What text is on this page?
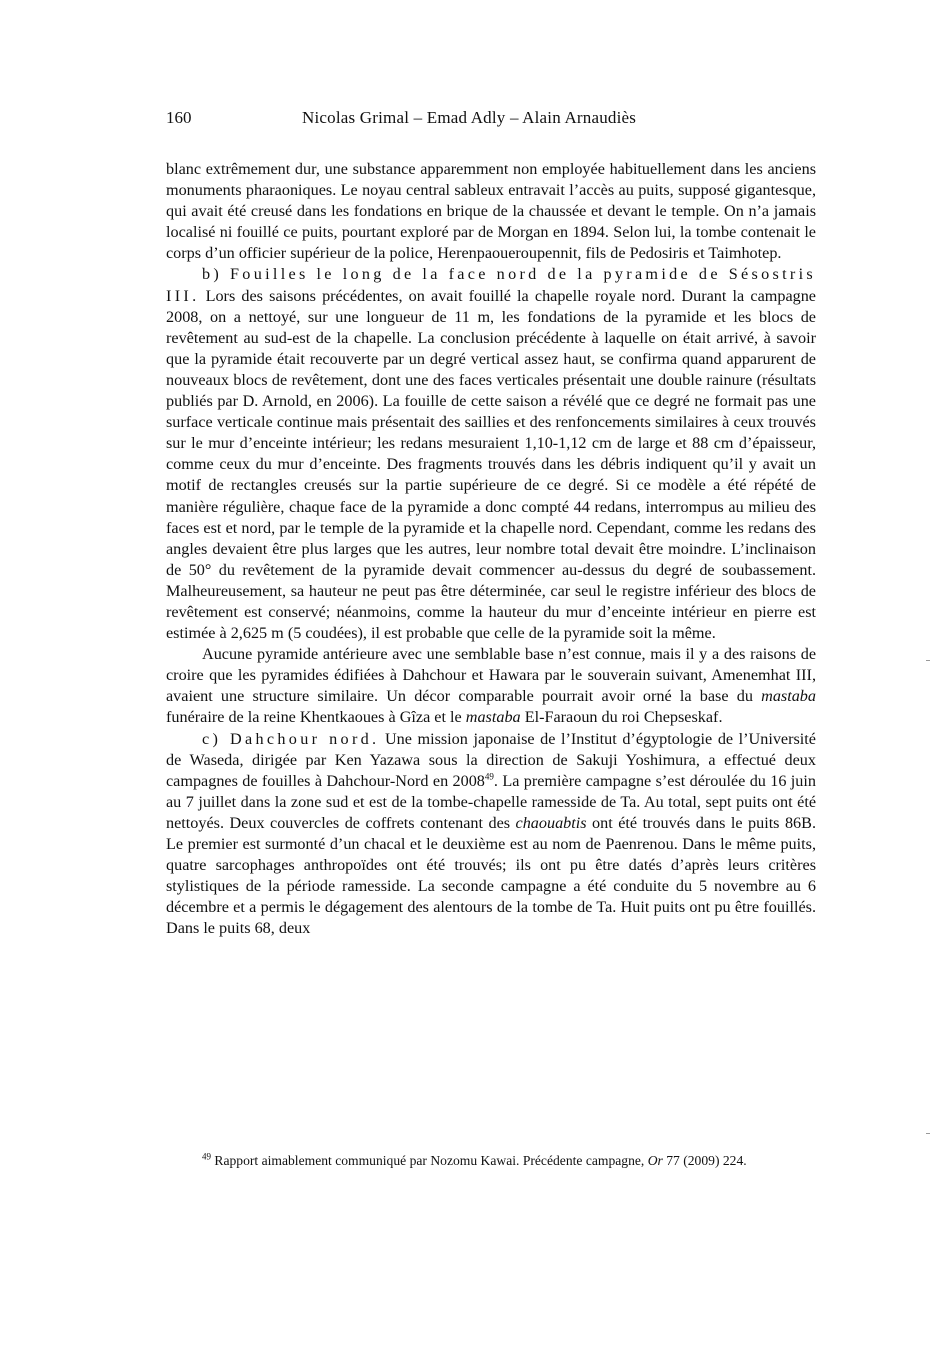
160	Nicolas Grimal – Emad Adly – Alain Arnaudiès

blanc extrêmement dur, une substance apparemment non employée habituellement dans les anciens monuments pharaoniques. Le noyau central sableux entravait l’accès au puits, supposé gigantesque, qui avait été creusé dans les fondations en brique de la chaussée et devant le temple. On n’a jamais localisé ni fouillé ce puits, pourtant exploré par de Morgan en 1894. Selon lui, la tombe contenait le corps d’un officier supérieur de la police, Herenpaoueroupennit, fils de Pedosiris et Taimhotep.

b) Fouilles le long de la face nord de la pyramide de Sésostris III. Lors des saisons précédentes, on avait fouillé la chapelle royale nord. Durant la campagne 2008, on a nettoyé, sur une longueur de 11 m, les fondations de la pyramide et les blocs de revêtement au sud-est de la chapelle. La conclusion précédente à laquelle on était arrivé, à savoir que la pyramide était recouverte par un degré vertical assez haut, se confirma quand apparurent de nouveaux blocs de revêtement, dont une des faces verticales présentait une double rainure (résultats publiés par D. Arnold, en 2006). La fouille de cette saison a révélé que ce degré ne formait pas une surface verticale continue mais présentait des saillies et des renfoncements similaires à ceux trouvés sur le mur d’enceinte intérieur; les redans mesuraient 1,10-1,12 cm de large et 88 cm d’épaisseur, comme ceux du mur d’enceinte. Des fragments trouvés dans les débris indiquent qu’il y avait un motif de rectangles creusés sur la partie supérieure de ce degré. Si ce modèle a été répété de manière régulière, chaque face de la pyramide a donc compté 44 redans, interrompus au milieu des faces est et nord, par le temple de la pyramide et la chapelle nord. Cependant, comme les redans des angles devaient être plus larges que les autres, leur nombre total devait être moindre. L’inclinaison de 50° du revêtement de la pyramide devait commencer au-dessus du degré de soubassement. Malheureusement, sa hauteur ne peut pas être déterminée, car seul le registre inférieur des blocs de revêtement est conservé; néanmoins, comme la hauteur du mur d’enceinte intérieur en pierre est estimée à 2,625 m (5 coudées), il est probable que celle de la pyramide soit la même.

Aucune pyramide antérieure avec une semblable base n’est connue, mais il y a des raisons de croire que les pyramides édifiées à Dahchour et Hawara par le souverain suivant, Amenemhat III, avaient une structure similaire. Un décor comparable pourrait avoir orné la base du mastaba funéraire de la reine Khentkaoues à Gîza et le mastaba El-Faraoun du roi Chepseskaf.

c) Dahchour nord. Une mission japonaise de l’Institut d’égyptologie de l’Université de Waseda, dirigée par Ken Yazawa sous la direction de Sakuji Yoshimura, a effectué deux campagnes de fouilles à Dahchour-Nord en 2008$^{49}$. La première campagne s’est déroulée du 16 juin au 7 juillet dans la zone sud et est de la tombe-chapelle ramesside de Ta. Au total, sept puits ont été nettoyés. Deux couvercles de coffrets contenant des chaouabtis ont été trouvés dans le puits 86B. Le premier est surmonté d’un chacal et le deuxième est au nom de Paenrenou. Dans le même puits, quatre sarcophages anthropoïdes ont été trouvés; ils ont pu être datés d’après leurs critères stylistiques de la période ramesside. La seconde campagne a été conduite du 5 novembre au 6 décembre et a permis le dégagement des alentours de la tombe de Ta. Huit puits ont pu être fouillés. Dans le puits 68, deux

$^{49}$ Rapport aimablement communiqué par Nozomu Kawai. Précédente campagne, Or 77 (2009) 224.
